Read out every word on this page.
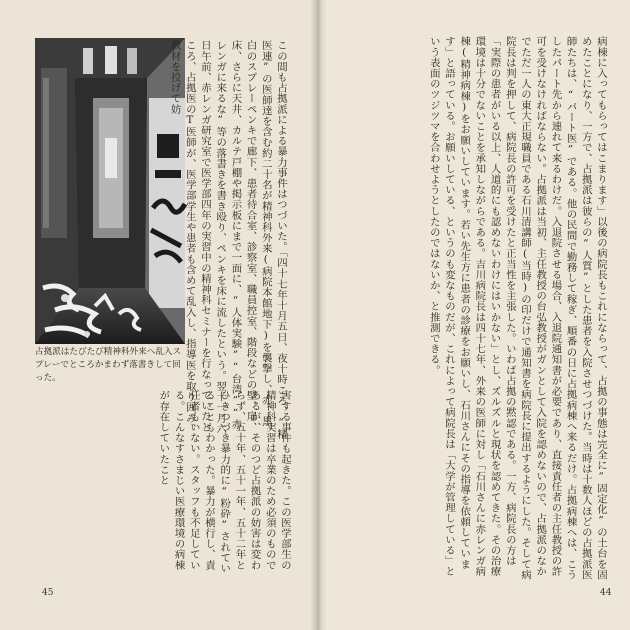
占拠派はたびたび精神科外来へ乱入スプレーでところかまわず落書きして回った。	この間も占拠派による暴力事件はつづいた。「四十七年十月五日、夜十時ころ、“精医連”の医師達を含む約二十名が精神科外来(病院本館地下)を襲撃し、赤、黒、白のスプレーペンキで廊下、患者待合室、診察室、職員控室、階段などの壁、扉、床、さらに天井、カルテ戸棚や掲示板にまで一面に、“人体実験”“台湾”“赤レンガに来るな”等の落書きを書き殴り、ペンキを床に流したという。翌十一月六日午前、赤レンガ研究室で医学部四年の実習中の精神科セミナーを行なっていたところ、占拠医のT医師が、医学部学生や患者も含めて乱入し、指導医を取り囲み、教材を投げて妨
害する事件も起きた。この医学部生の精神科実習は卒業のため必須のものであるが、そのつど占拠派の妨害は変わらず、五十年、五十一年、五十二年とひきつづき暴力的に“粉砕”されていることもわかった。暴力が横行し、責任者もいない。スタッフも不足している。こんなすさまじい医療環境の病棟が存在していたこと
45
病棟に入ってもらってはこまります」以後の病院長もこれにならって、占拠の事態は完全に“固定化”の土台を固めたことになり、一方で、占拠派は彼らの“人質”とした患者を入院させつづけた。当時は十数人ほどの占拠派医師たちは、“パート医”である。他の民間で勤務して稼ぎ、順番の日に占拠病棟へ来るだけ。占拠病棟へは、こうしたパート先から連れて来るわけだ。入退院させる場合、入退院通知書が必要であり、直接責任者の主任教授の許可を受けなければならない。占拠派は当初、主任教授の台弘教授がガンとして入院を認めないので、占拠派のなかでただ一人の東大正規職員である石川清講師(当時)の印だけで通知書を病院長に提出するようにした。そして病院長は判を押して、病院長の許可を受けたと正当性を主張した。いわば占拠の黙認である。一方、病院長の方は「実際の患者がいる以上、人道的にも認めないわけにはいかない」とし、ズルズルと現状を認めてきた。その治療環境は十分でないことを承知しながらである。吉川病院長は四十七年、外来の医師に対し「石川さんに赤レンガ病棟(精神病棟)をお願いしています。若い先生方に患者の診療をお願いし、石川さんにその指導を依頼しています」と語っている。お願いしている、というのも変なものだが、これによって病院長は「大学が管理している」という表面のツジツマを合わせようとしたのではないか、と推測できる。
44
